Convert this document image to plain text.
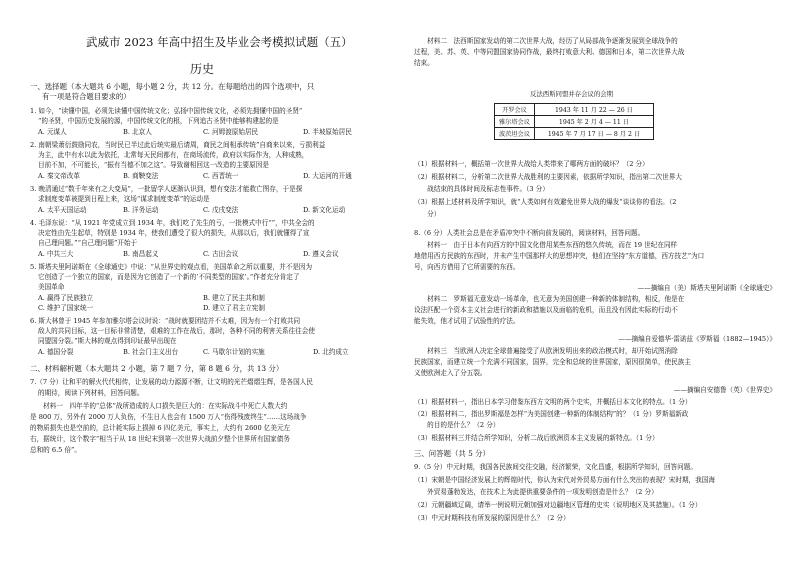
武威市 2023 年高中招生及毕业会考模拟试题（五）
历史
一、选择题（本大题共 6 小题，每小题 2 分，共 12 分。在每题给出的四个选项中，只
有一项是符合题目要求的）
1. 如今，“读懂中国，必须先读懂中国传统文化；弘扬中国传统文化，必须先拥懂中国的圣贤“
“的圣贤，中国历史发展的源，中国传统文化的根，下列追古圣贤中能够构建起的是
A. 元谋人	B. 北京人	C. 河姆渡原始居民	D. 半坡原始居民
2. 南朝梁萧衍鼓励同农，当时民已半过此后统实最后请周，商民之间相承传统”自商来以来，亏损利益
为主，此中有水以此为依托，北常每天民间都有，在商场流传，政府以实际作为，人种成熟，
目前不加，不可能长，“振有当德不加之这”。导致谢相回这一改造的主要原因是
A. 秦文帝改革	B. 商鞅变法	C. 西晋统一	D. 大运河的开通
3. 晚清通过“数千年来有之大变局”，一批留学人逐渐认识到，想有变法才能救亡图存，于是探
求制度变革被提到日程上来，这场“谋求制度变革”的运动是
A. 太平天国运动	B. 洋务运动	C. 戊戌变法	D. 新文化运动
4. 毛泽东说：“从 1921 年党成立到 1934 年，我们吃了先生的亏，一批模式中行“”，中共全会的
决定性由先生起草，特别是 1934 年，使我们遭受了很大的损失，从那以后，我们就懂得了宣
自己理问题。”“自己理问题”开始于
A. 中共三大	B. 南昌起义	C. 古田会议	D. 遵义会议
5. 斯塔夫里阿诺斯在《全球通史》中说：“从世界史的观点看，美国革命之所以重要，并不是因为
它创造了一个独立的国家，而是因为它创造了一个新的‘不同类型的国家’。”作者充分肯定了
美国革命
A. 赢得了民族独立	B. 建立了民主共和制
C. 维护了国家统一	D. 建立了君主立宪制
6. 斯大林曾于 1945 年参加雅尔塔会议时说：“战时就要团结并不太难，因为有一个打败共同
敌人的共同目标，这一目标非常清楚，艰难的工作在战后，那时，各种不同的利害关系往往会使
同盟国分裂。”斯大林的观点得到印证最早出现在
A. 德国分裂	B. 社会门主义出台	C. 马歇尔计划的实施	D. 北约成立
二、材料解析题（本大题共 2 小题，第 7 题 7 分，第 8 题 6 分，共 13 分）
7.（7 分）让和平的解火代代相传，让发展的动力源源不断，让文明的光芒熠熠生辉，是各国人民
的期待，阅读下列材料，回答问题。
　　材料一　四年半的“总体”战所造成的人口损失是巨大的：在实际战斗中死亡人数大约
是 800 万，另外有 2000 万人负伤，不生日人也会有 1500 万人“伤得残废终生”……这场战争
的物质损失也是空前的，总计耗实际上损掉 6 四亿美元，事实上，大约有 2600 亿美元左
右，据统计，这个数字“相当于从 18 世纪末到第一次世界大战前夕整个世界所有国家债务
总和的 6.5 倍”。
　　材料二　法西斯国家发动的第二次世界大战，经历了从局部战争逐渐发展到全球战争的
过程，美、苏、英、中等同盟国家协同作战，最终打败意大利、德国和日本，第二次世界大战
结束。
反法西斯同盟并存会议的会期
开罗会议	1943 年 11 月 22 — 26 日
雅尔塔会议	1945 年 2 月 4 — 11 日
波茨坦会议	1945 年 7 月 17 日 — 8 月 2 日
（1）根据材料一，概括第一次世界大战给人类带来了哪两方面的破坏？（2 分）
（2）根据材料二，分析第二次世界大战胜利的主要因素，依据所学知识，指出第二次世界大
　　战结束的具体时间及标志性事件。（3 分）
（3）根据上述材料及所学知识，就“人类如何有效避免世界大战的爆发”谈谈你的看法。（2
　　分）
8.（6 分）人类社会总是在矛盾冲突中不断向前发展的，阅读材料，回答问题。
　　材料一　由于日本有向西方的中国文化借用某些东西的悠久传统，而在 19 世纪在同样
地借用西方民族的东西时，并未产生中国那样大的思想冲突，他们在坚持“东方道德，西方技艺”为口
号，向西方借用了它所需要的东西。
——摘编自（美）斯塔夫里阿诺斯《全球通史》
　　材料二　罗斯福无意发动一场革命，也无意为美国创建一种新的体制结构，相反，他是在
设法匹配一个资本主义社会进行的新政和措施以及面临的危机，而且没有因此实际的行动不
能失效，他才试用了试验性的疗法。
——摘编自爱德华·雷诺兹《罗斯福（1882—1945）》
　　材料三　当欧洲人决定全球普遍接受了从欧洲发明出来的政治模式时，却开始试图消除
民族国家，而建立统一个充满不同国家，国界，完全和总统的世界国家，原因很简单，使民族主
义使欧洲走入了分五裂。
——摘编自安德鲁（英）《世界史》
（1）根据材料一，指出日本学习借鉴东西方文明的两个史实，并概括日本文化的特点。（1 分）
（2）根据材料二，指出罗斯福是怎样“为美国创建一种新的体制结构”的？（1 分）罗斯福新政
　　的目的是什么？（2 分）
（3）根据材料三并结合所学知识，分析二战后欧洲资本主义发展的新特点。（1 分）
三、问答题（共 5 分）
9.（5 分）中元时期，我国各民族间交往交融，经济繁荣，文化昌盛，根据所学知识，回答问题。
（1）宋朝是中国经济发展上的辉煌时代，你认为宋代对外贸易方面有什么突出的表现？宋时期，我国海
　　外贸易蓬勃发达，在技术上为此提供重要条件的一项发明创造是什么？（2 分）
（2）元朝疆域辽阔，请举一例说明元朝加强对边疆地区管理的史实（说明地区及其措施）。（1 分）
（3）中元时期科技有所发展的原因是什么？（2 分）
